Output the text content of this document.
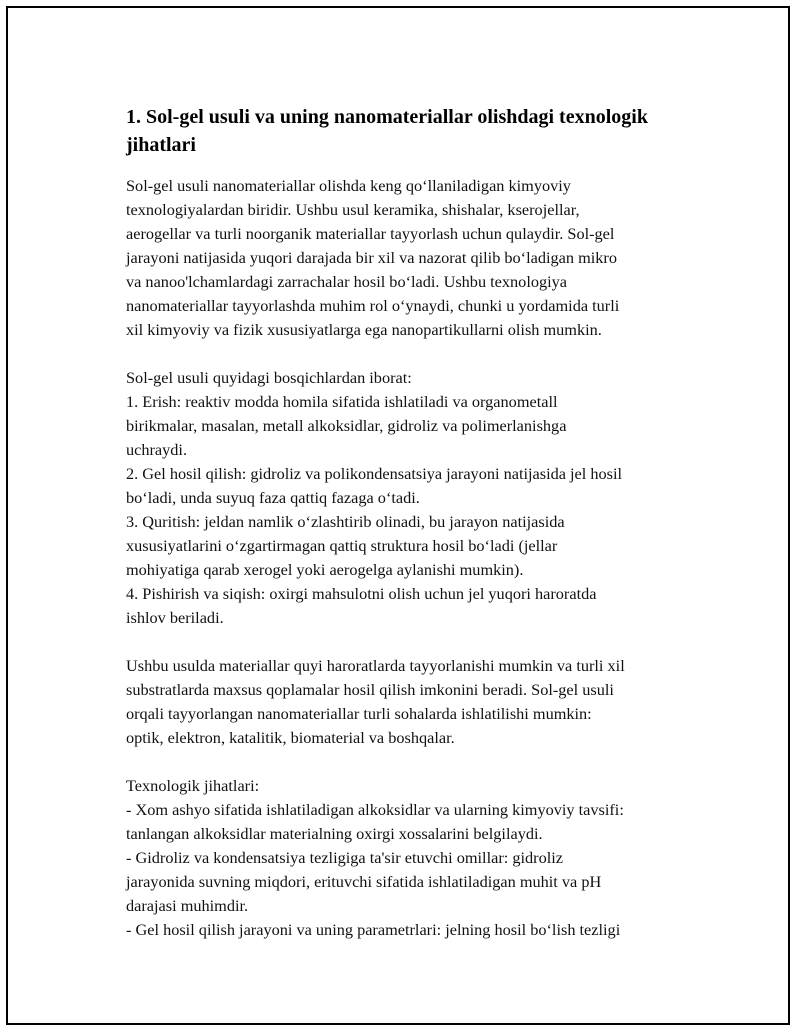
1. Sol-gel usuli va uning nanomateriallar olishdagi texnologik
jihatlari

Sol-gel usuli nanomateriallar olishda keng qo‘llaniladigan kimyoviy
texnologiyalardan biridir. Ushbu usul keramika, shishalar, kserojellar,
aerogellar va turli noorganik materiallar tayyorlash uchun qulaydir. Sol-gel
jarayoni natijasida yuqori darajada bir xil va nazorat qilib bo‘ladigan mikro
va nanoo'lchamlardagi zarrachalar hosil bo‘ladi. Ushbu texnologiya
nanomateriallar tayyorlashda muhim rol o‘ynaydi, chunki u yordamida turli
xil kimyoviy va fizik xususiyatlarga ega nanopartikullarni olish mumkin.

Sol-gel usuli quyidagi bosqichlardan iborat:
1. Erish: reaktiv modda homila sifatida ishlatiladi va organometall
birikmalar, masalan, metall alkoksidlar, gidroliz va polimerlanishga
uchraydi.
2. Gel hosil qilish: gidroliz va polikondensatsiya jarayoni natijasida jel hosil
bo‘ladi, unda suyuq faza qattiq fazaga o‘tadi.
3. Quritish: jeldan namlik o‘zlashtirib olinadi, bu jarayon natijasida
xususiyatlarini o‘zgartirmagan qattiq struktura hosil bo‘ladi (jellar
mohiyatiga qarab xerogel yoki aerogelga aylanishi mumkin).
4. Pishirish va siqish: oxirgi mahsulotni olish uchun jel yuqori haroratda
ishlov beriladi.

Ushbu usulda materiallar quyi haroratlarda tayyorlanishi mumkin va turli xil
substratlarda maxsus qoplamalar hosil qilish imkonini beradi. Sol-gel usuli
orqali tayyorlangan nanomateriallar turli sohalarda ishlatilishi mumkin:
optik, elektron, katalitik, biomaterial va boshqalar.

Texnologik jihatlari:
- Xom ashyo sifatida ishlatiladigan alkoksidlar va ularning kimyoviy tavsifi:
tanlangan alkoksidlar materialning oxirgi xossalarini belgilaydi.
- Gidroliz va kondensatsiya tezligiga ta'sir etuvchi omillar: gidroliz
jarayonida suvning miqdori, erituvchi sifatida ishlatiladigan muhit va pH
darajasi muhimdir.
- Gel hosil qilish jarayoni va uning parametrlari: jelning hosil bo‘lish tezligi
